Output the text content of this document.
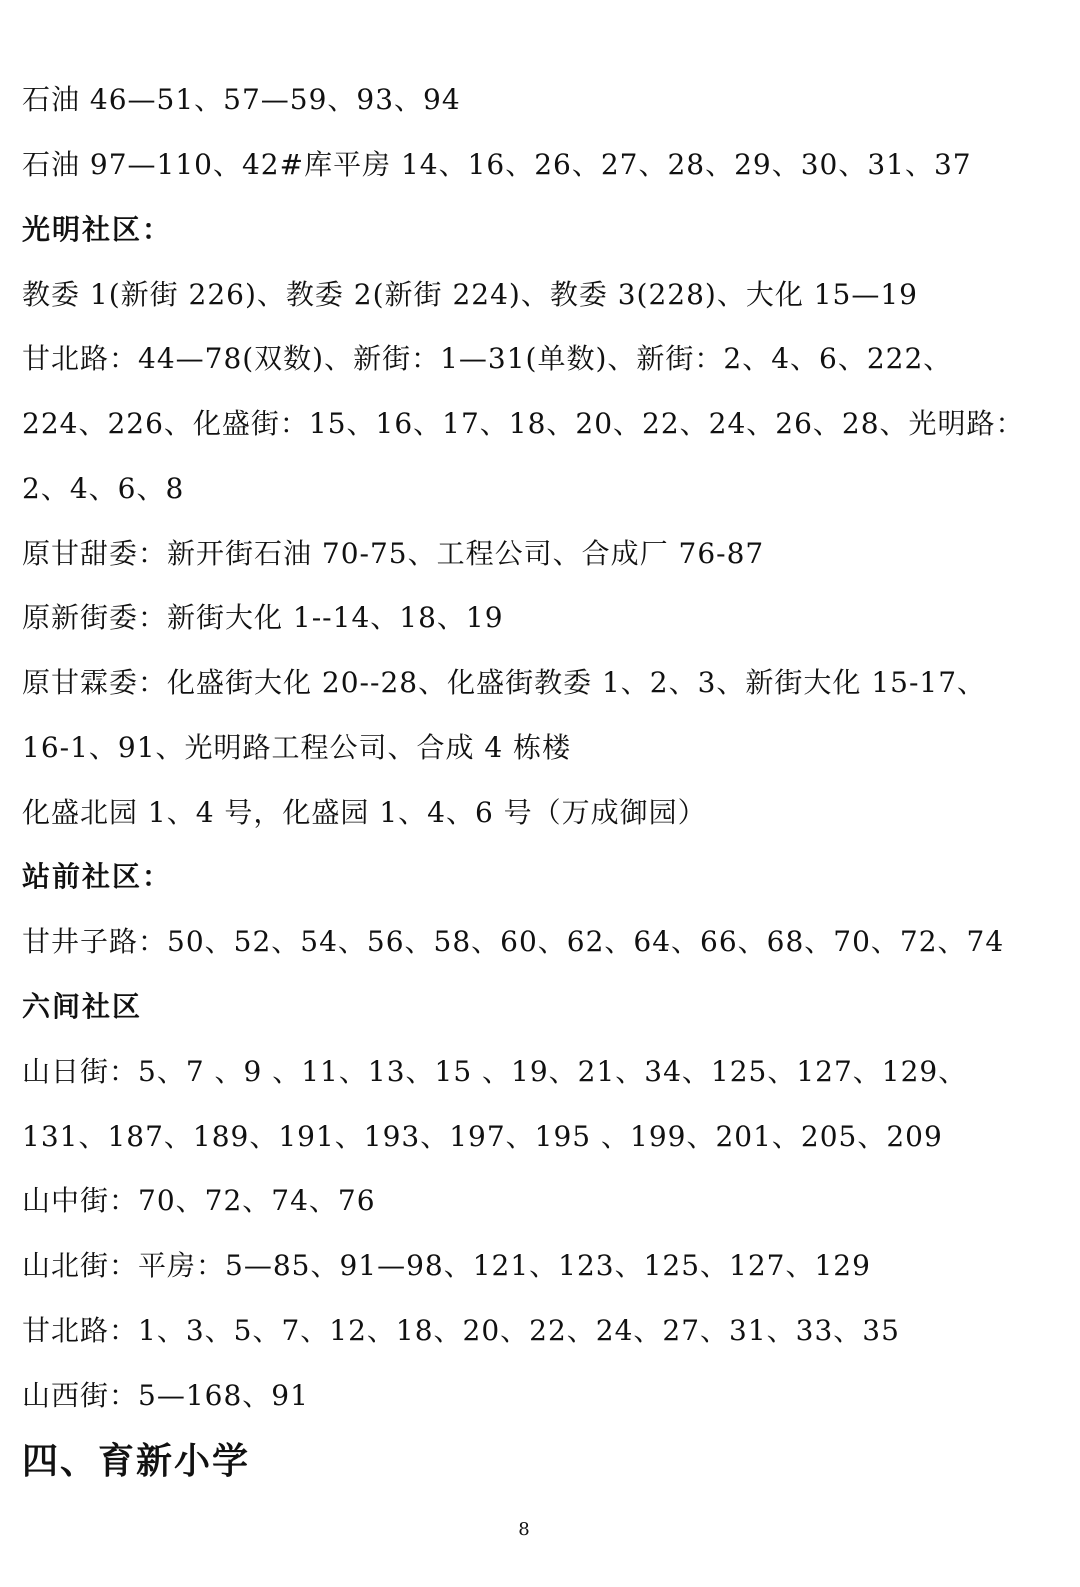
石油 46—51、57—59、93、94
石油 97—110、42#库平房 14、16、26、27、28、29、30、31、37
光明社区：
教委 1(新街 226)、教委 2(新街 224)、教委 3(228)、大化 15—19
甘北路：44—78(双数)、新街：1—31(单数)、新街：2、4、6、222、
224、226、化盛街：15、16、17、18、20、22、24、26、28、光明路：
2、4、6、8
原甘甜委：新开街石油 70-75、工程公司、合成厂 76-87
原新街委：新街大化 1--14、18、19
原甘霖委：化盛街大化 20--28、化盛街教委 1、2、3、新街大化 15-17、
16-1、91、光明路工程公司、合成 4 栋楼
化盛北园 1、4 号，化盛园 1、4、6 号（万成御园）
站前社区：
甘井子路：50、52、54、56、58、60、62、64、66、68、70、72、74
六间社区
山日街：5、7 、9 、11、13、15 、19、21、34、125、127、129、
131、187、189、191、193、197、195 、199、201、205、209
山中街：70、72、74、76
山北街：平房：5—85、91—98、121、123、125、127、129
甘北路：1、3、5、7、12、18、20、22、24、27、31、33、35
山西街：5—168、91
四、育新小学
8
